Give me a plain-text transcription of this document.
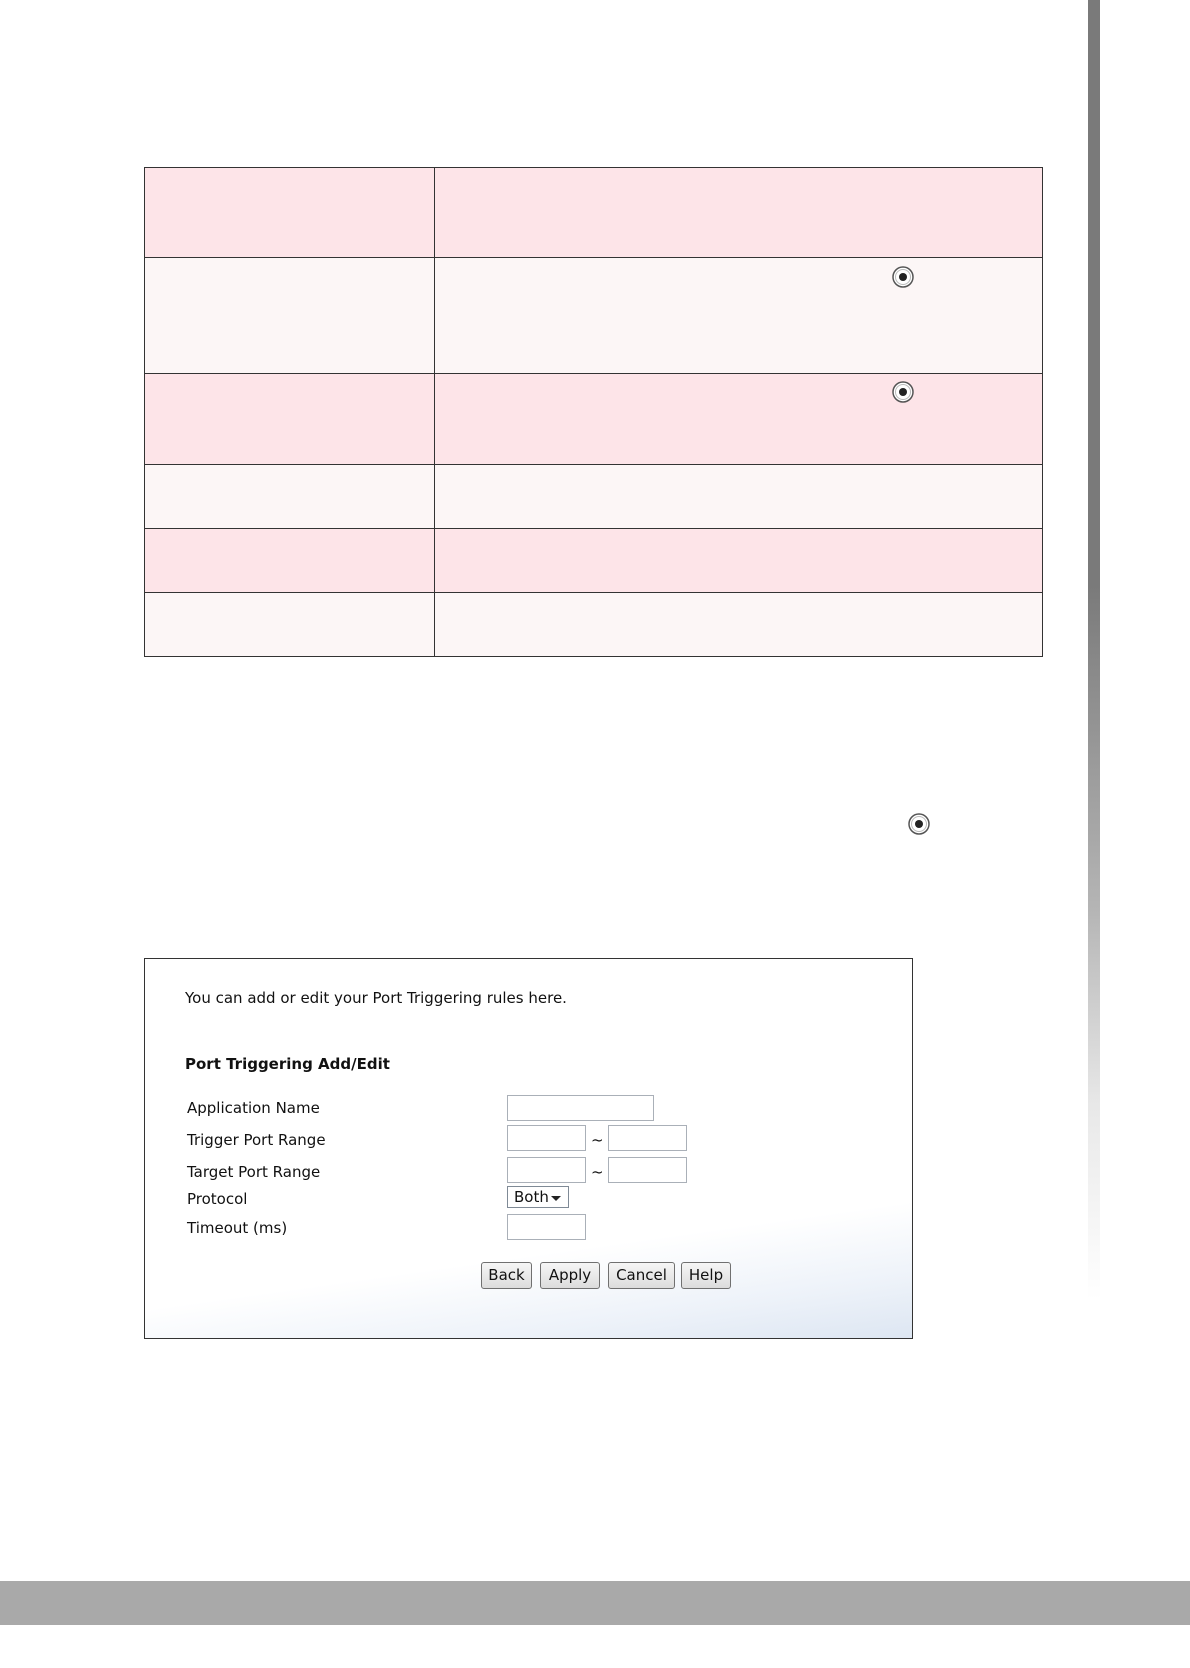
You can add or edit your Port Triggering rules here.
Port Triggering Add/Edit
Application Name
Trigger Port Range	~
Target Port Range	~
Protocol	Both
Timeout (ms)
Back	Apply	Cancel	Help
